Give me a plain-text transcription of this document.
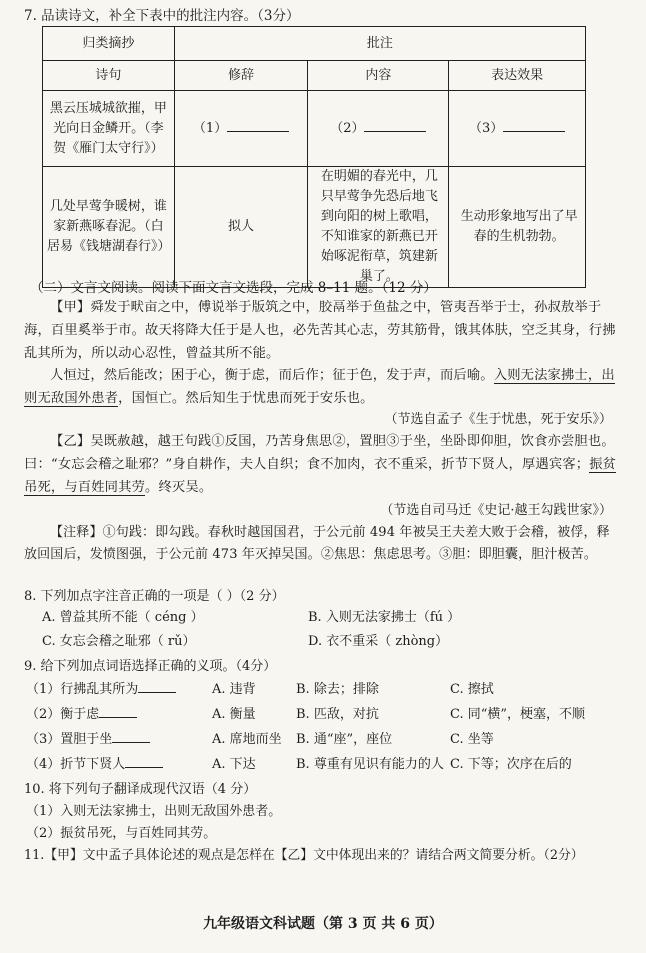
7. 品读诗文，补全下表中的批注内容。（3分）
归类摘抄	批注		
诗句	修辞	内容	表达效果
黑云压城城欲摧，甲光向日金鳞开。（李贺《雁门太守行》）	（1）	（2）	（3）
几处早莺争暖树，谁家新燕啄春泥。（白居易《钱塘湖春行》）	拟人	在明媚的春光中，几只早莺争先恐后地飞到向阳的树上歌唱，不知谁家的新燕已开始啄泥衔草，筑建新巢了。	生动形象地写出了早春的生机勃勃。
（二）文言文阅读。阅读下面文言文选段，完成 8–11 题。（12 分）
【甲】舜发于畎亩之中，傅说举于版筑之中，胶鬲举于鱼盐之中，管夷吾举于士，孙叔敖举于海，百里奚举于市。故天将降大任于是人也，必先苦其心志，劳其筋骨，饿其体肤，空乏其身，行拂乱其所为，所以动心忍性，曾益其所不能。
人恒过，然后能改；困于心，衡于虑，而后作；征于色，发于声，而后喻。入则无法家拂士，出则无敌国外患者，国恒亡。然后知生于忧患而死于安乐也。
（节选自孟子《生于忧患，死于安乐》）
【乙】吴既赦越，越王句践①反国，乃苦身焦思②，置胆③于坐，坐卧即仰胆，饮食亦尝胆也。曰：“女忘会稽之耻邪？”身自耕作，夫人自织；食不加肉，衣不重采，折节下贤人，厚遇宾客；振贫吊死，与百姓同其劳。终灭吴。
（节选自司马迁《史记·越王勾践世家》）
【注释】①句践：即勾践。春秋时越国国君，于公元前 494 年被吴王夫差大败于会稽，被俘，释放回国后，发愤图强，于公元前 473 年灭掉吴国。②焦思：焦虑思考。③胆：即胆囊，胆汁极苦。
8. 下列加点字注音正确的一项是（ ）（2 分）
A. 曾益其所不能（ céng ）	B. 入则无法家拂士（fú ）
C. 女忘会稽之耻邪（ rǔ）	D. 衣不重采（ zhòng）
9. 给下列加点词语选择正确的义项。（4分）
（1）行拂乱其所为	A. 违背	B. 除去；排除	C. 擦拭
（2）衡于虑	A. 衡量	B. 匹敌，对抗	C. 同“横”，梗塞，不顺
（3）置胆于坐	A. 席地而坐 B. 通“座”，座位	C. 坐等
（4）折节下贤人	A. 下达	B. 尊重有见识有能力的人 C. 下等；次序在后的
10. 将下列句子翻译成现代汉语（4 分）
（1）入则无法家拂士，出则无敌国外患者。
（2）振贫吊死，与百姓同其劳。
11.【甲】文中孟子具体论述的观点是怎样在【乙】文中体现出来的？请结合两文简要分析。（2分）
九年级语文科试题（第 3 页 共 6 页）
